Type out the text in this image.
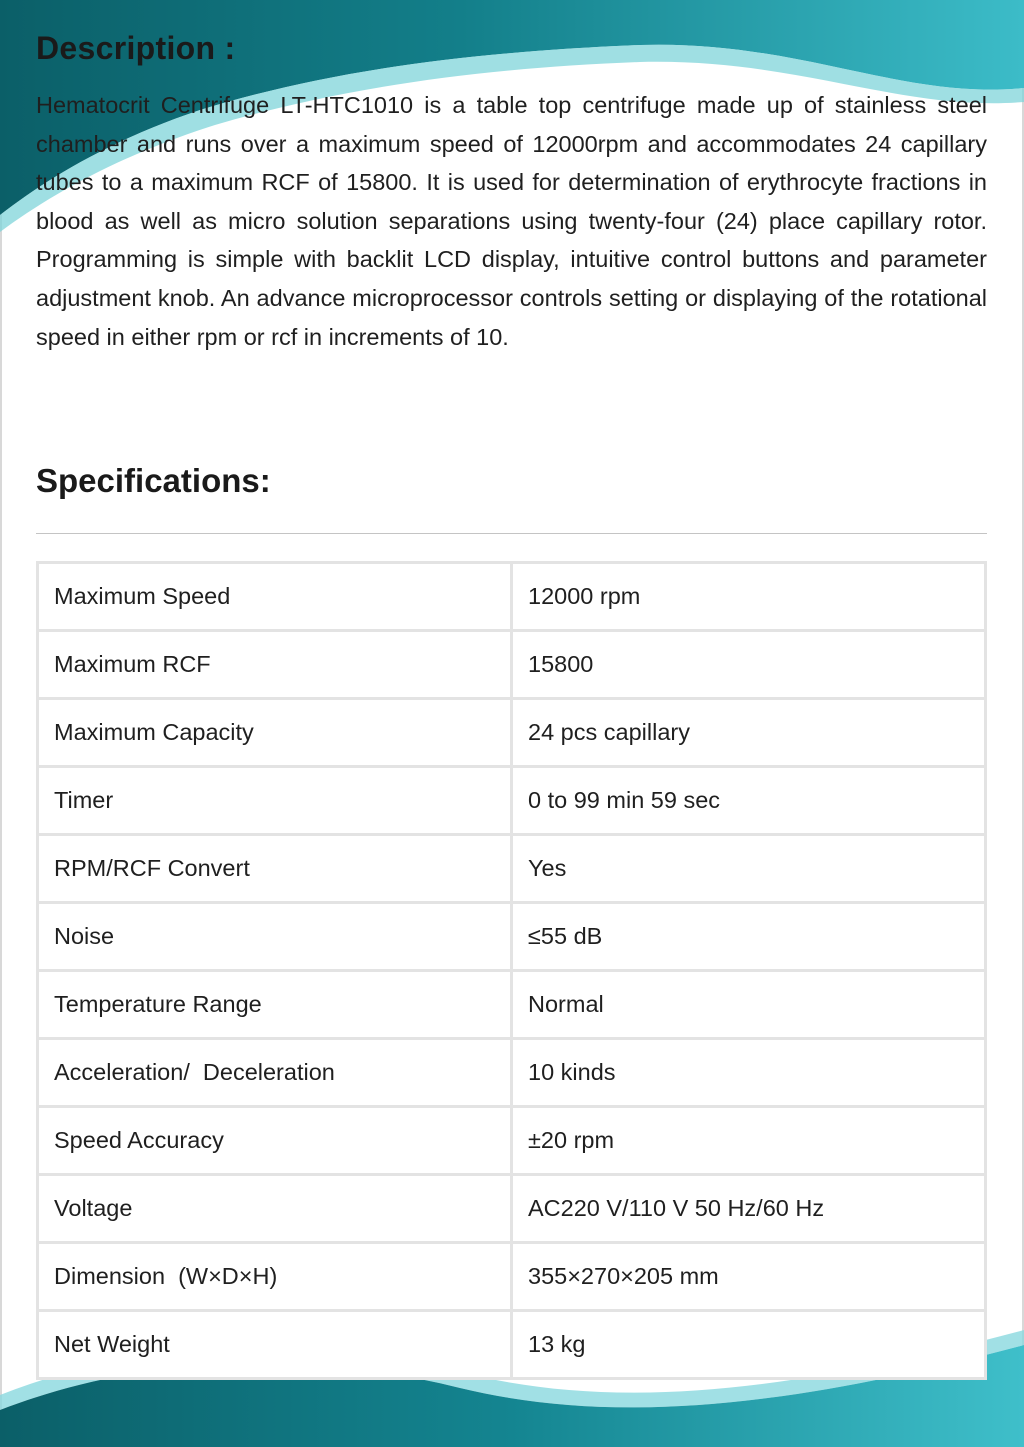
Description :

Hematocrit Centrifuge LT-HTC1010 is a table top centrifuge made up of stainless steel chamber and runs over a maximum speed of 12000rpm and accommodates 24 capillary tubes to a maximum RCF of 15800. It is used for determination of erythrocyte fractions in blood as well as micro solution separations using twenty-four (24) place capillary rotor. Programming is simple with backlit LCD display, intuitive control buttons and parameter adjustment knob. An advance microprocessor controls setting or displaying of the rotational speed in either rpm or rcf in increments of 10.

Specifications:
Maximum Speed	12000 rpm
Maximum RCF	15800
Maximum Capacity	24 pcs capillary
Timer	0 to 99 min 59 sec
RPM/RCF Convert	Yes
Noise	≤55 dB
Temperature Range	Normal
Acceleration/  Deceleration	10 kinds
Speed Accuracy	±20 rpm
Voltage	AC220 V/110 V 50 Hz/60 Hz
Dimension  (W×D×H)	355×270×205 mm
Net Weight	13 kg
